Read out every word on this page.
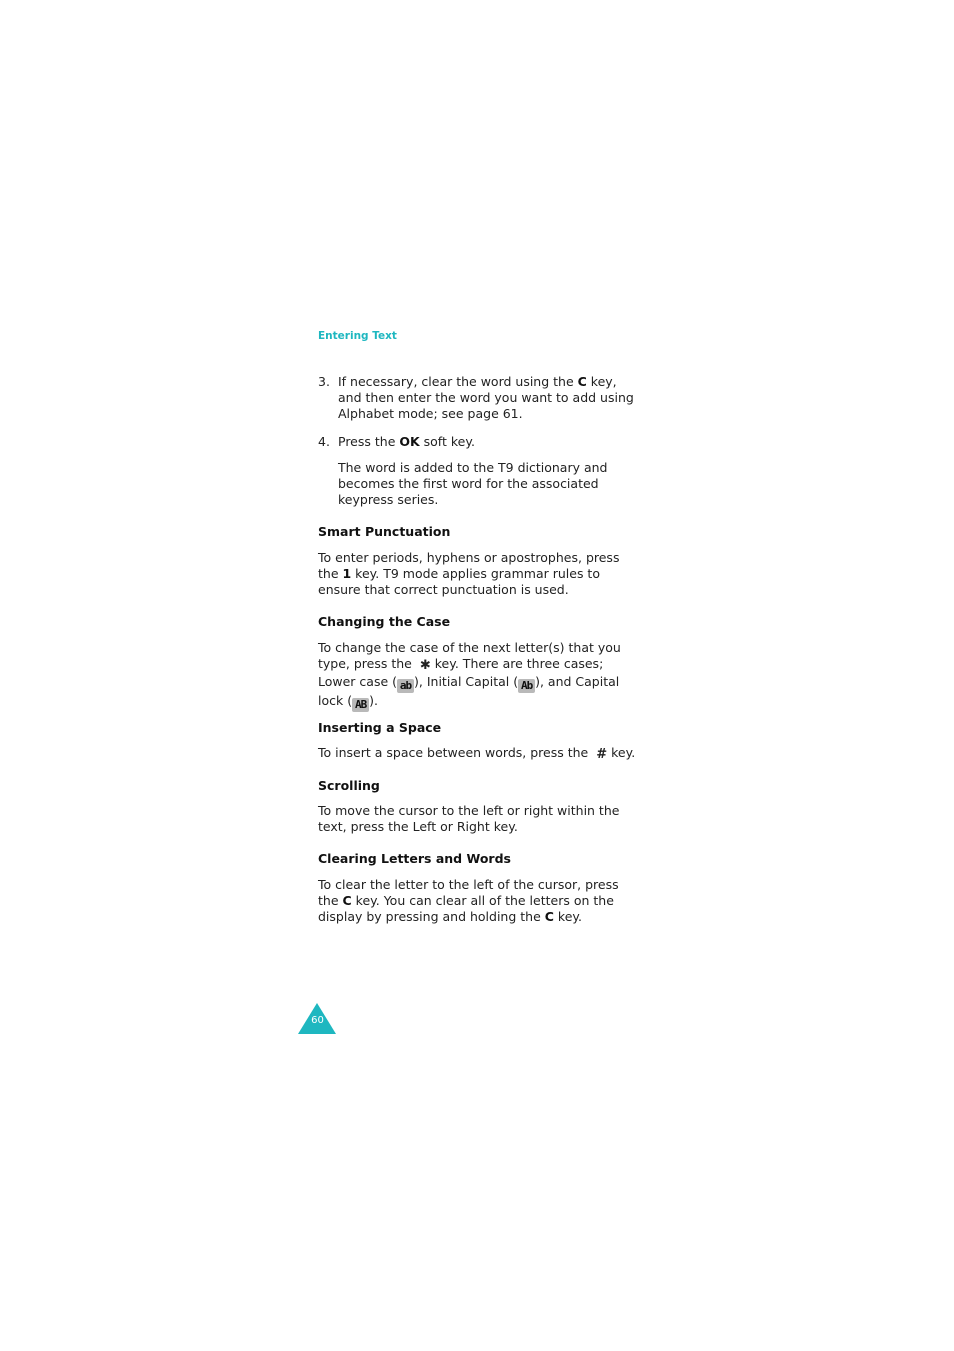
Entering Text
3. If necessary, clear the word using the C key, and then enter the word you want to add using Alphabet mode; see page 61.

4. Press the OK soft key.

The word is added to the T9 dictionary and becomes the first word for the associated keypress series.

Smart Punctuation

To enter periods, hyphens or apostrophes, press the 1 key. T9 mode applies grammar rules to ensure that correct punctuation is used.

Changing the Case

To change the case of the next letter(s) that you type, press the ✱ key. There are three cases; Lower case ( ab ), Initial Capital ( Ab ), and Capital lock ( AB ).

Inserting a Space

To insert a space between words, press the # key.

Scrolling

To move the cursor to the left or right within the text, press the Left or Right key.

Clearing Letters and Words

To clear the letter to the left of the cursor, press the C key. You can clear all of the letters on the display by pressing and holding the C key.

60
